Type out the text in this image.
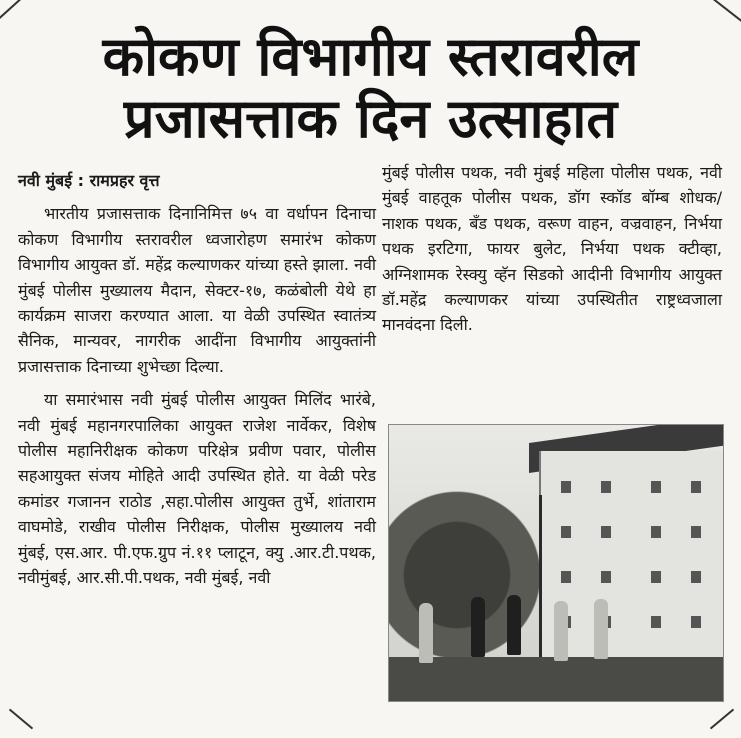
कोकण विभागीय स्तरावरील
प्रजासत्ताक दिन उत्साहात

नवी मुंबई : रामप्रहर वृत्त

भारतीय प्रजासत्ताक दिनानिमित्त ७५ वा वर्धापन दिनाचा कोकण विभागीय स्तरावरील ध्वजारोहण समारंभ कोकण विभागीय आयुक्त डॉ. महेंद्र कल्याणकर यांच्या हस्ते झाला. नवी मुंबई पोलीस मुख्यालय मैदान, सेक्टर-१७, कळंबोली येथे हा कार्यक्रम साजरा करण्यात आला. या वेळी उपस्थित स्वातंत्र्य सैनिक, मान्यवर, नागरीक आदींना विभागीय आयुक्तांनी प्रजासत्ताक दिनाच्या शुभेच्छा दिल्या.

या समारंभास नवी मुंबई पोलीस आयुक्त मिलिंद भारंबे, नवी मुंबई महानगरपालिका आयुक्त राजेश नार्वेकर, विशेष पोलीस महानिरीक्षक कोकण परिक्षेत्र प्रवीण पवार, पोलीस सहआयुक्त संजय मोहिते आदी उपस्थित होते. या वेळी परेड कमांडर गजानन राठोड ,सहा.पोलीस आयुक्त तुर्भे, शांताराम वाघमोडे, राखीव पोलीस निरीक्षक, पोलीस मुख्यालय नवी मुंबई, एस.आर. पी.एफ.ग्रुप नं.११ प्लाटून, क्यु .आर.टी.पथक, नवीमुंबई, आर.सी.पी.पथक, नवी मुंबई, नवी

मुंबई पोलीस पथक, नवी मुंबई महिला पोलीस पथक, नवी मुंबई वाहतूक पोलीस पथक, डॉग स्कॉड बॉम्ब शोधक/नाशक पथक, बँड पथक, वरूण वाहन, वज्रवाहन, निर्भया पथक इरटिगा, फायर बुलेट, निर्भया पथक क्टीव्हा, अग्निशामक रेस्क्यु व्हॅन सिडको आदीनी विभागीय आयुक्त डॉ.महेंद्र कल्याणकर यांच्या उपस्थितीत राष्ट्रध्वजाला मानवंदना दिली.
